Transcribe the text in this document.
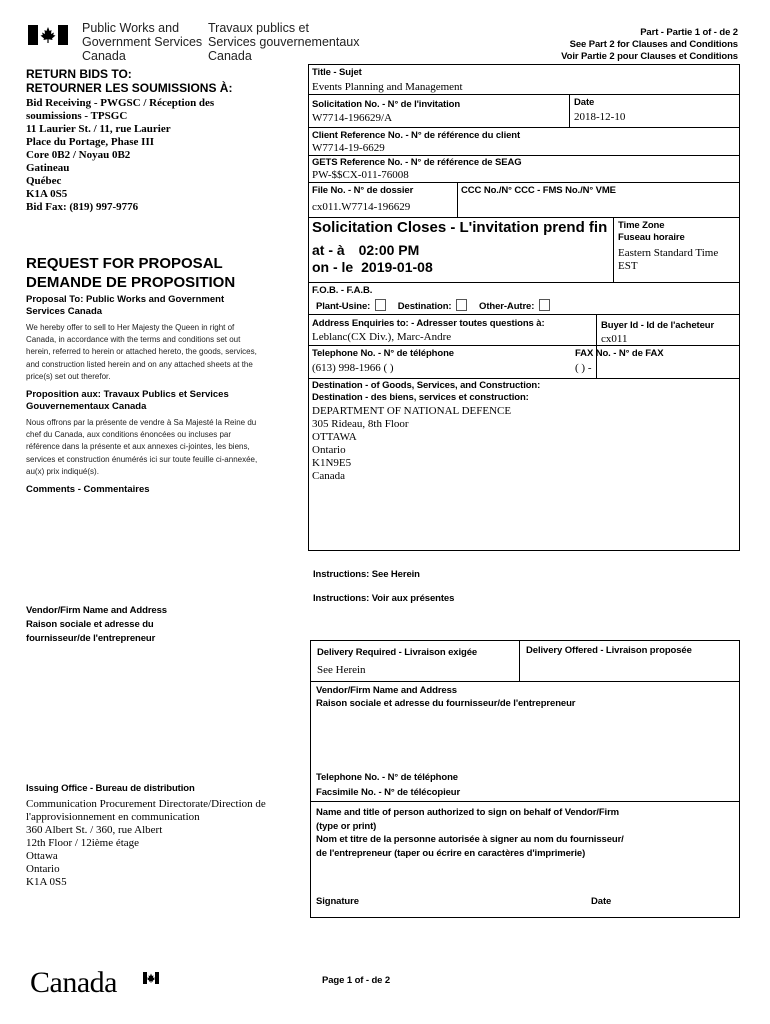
Public Works and
Government Services
Canada
Travaux publics et
Services gouvernementaux
Canada
Part - Partie 1 of - de 2
See Part 2 for Clauses and Conditions
Voir Partie 2 pour Clauses et Conditions
RETURN BIDS TO:
RETOURNER LES SOUMISSIONS À:
Bid Receiving - PWGSC / Réception des
soumissions - TPSGC
11 Laurier St. / 11, rue Laurier
Place du Portage, Phase III
Core 0B2 / Noyau 0B2
Gatineau
Québec
K1A 0S5
Bid Fax: (819) 997-9776
REQUEST FOR PROPOSAL
DEMANDE DE PROPOSITION
Proposal To: Public Works and Government Services Canada
We hereby offer to sell to Her Majesty the Queen in right of Canada, in accordance with the terms and conditions set out herein, referred to herein or attached hereto, the goods, services, and construction listed herein and on any attached sheets at the price(s) set out therefor.
Proposition aux: Travaux Publics et Services Gouvernementaux Canada
Nous offrons par la présente de vendre à Sa Majesté la Reine du chef du Canada, aux conditions énoncées ou incluses par référence dans la présente et aux annexes ci-jointes, les biens, services et construction énumérés ici sur toute feuille ci-annexée, au(x) prix indiqué(s).
Comments - Commentaires
Vendor/Firm Name and Address
Raison sociale et adresse du
fournisseur/de l'entrepreneur
Issuing Office - Bureau de distribution
Communication Procurement Directorate/Direction de
l'approvisionnement en communication
360 Albert St. / 360, rue Albert
12th Floor / 12ième étage
Ottawa
Ontario
K1A 0S5
Title - Sujet
Events Planning and Management
Solicitation No. - N° de l'invitation
W7714-196629/A
Date
2018-12-10
Client Reference No. - N° de référence du client
W7714-19-6629
GETS Reference No. - N° de référence de SEAG
PW-$$CX-011-76008
File No. - N° de dossier
cx011.W7714-196629
CCC No./N° CCC - FMS No./N° VME
Solicitation Closes - L'invitation prend fin
at - à 02:00 PM
on - le 2019-01-08
Time Zone
Fuseau horaire
Eastern Standard Time
EST
F.O.B. - F.A.B.
Plant-Usine:	Destination:	Other-Autre:
Address Enquiries to: - Adresser toutes questions à:
Leblanc(CX Div.), Marc-Andre
Buyer Id - Id de l'acheteur
cx011
Telephone No. - N° de téléphone
(613) 998-1966 ( )
FAX No. - N° de FAX
( ) -
Destination - of Goods, Services, and Construction:
Destination - des biens, services et construction:
DEPARTMENT OF NATIONAL DEFENCE
305 Rideau, 8th Floor
OTTAWA
Ontario
K1N9E5
Canada
Instructions: See Herein
Instructions: Voir aux présentes
Delivery Required - Livraison exigée
See Herein
Delivery Offered - Livraison proposée
Vendor/Firm Name and Address
Raison sociale et adresse du fournisseur/de l'entrepreneur
Telephone No. - N° de téléphone
Facsimile No. - N° de télécopieur
Name and title of person authorized to sign on behalf of Vendor/Firm
(type or print)
Nom et titre de la personne autorisée à signer au nom du fournisseur/
de l'entrepreneur (taper ou écrire en caractères d'imprimerie)
Signature	Date
Canada	Page 1 of - de 2
